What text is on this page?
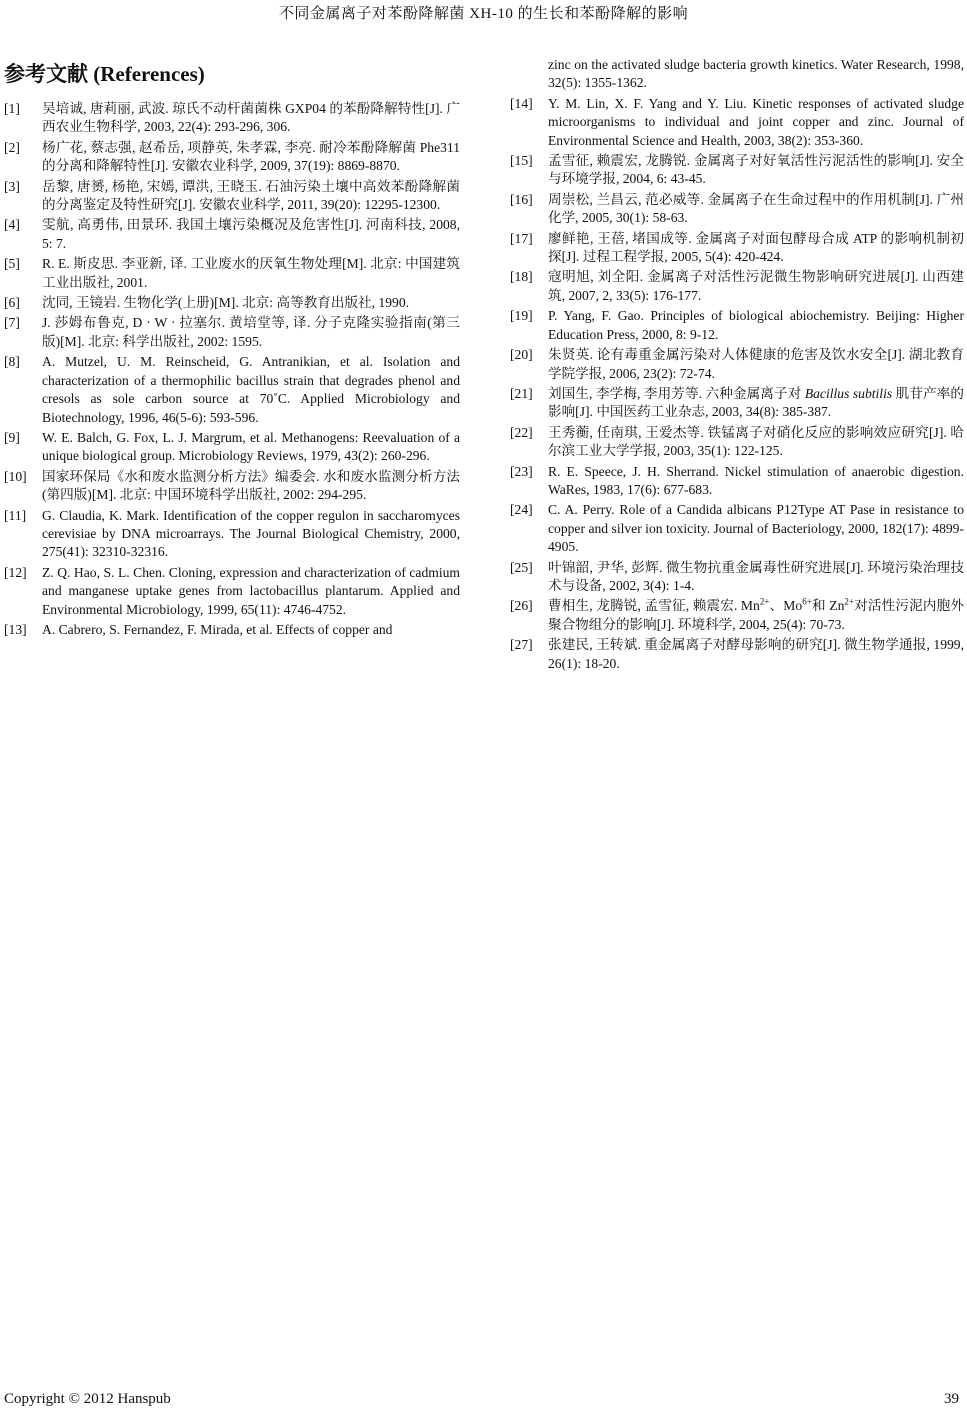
不同金属离子对苯酚降解菌 XH-10 的生长和苯酚降解的影响
参考文献 (References)
[1] 吴培诚, 唐莉丽, 武波. 琼氏不动杆菌菌株 GXP04 的苯酚降解特性[J]. 广西农业生物科学, 2003, 22(4): 293-296, 306.
[2] 杨广花, 蔡志强, 赵希岳, 项静英, 朱孝霖, 李亮. 耐冷苯酚降解菌 Phe311 的分离和降解特性[J]. 安徽农业科学, 2009, 37(19): 8869-8870.
[3] 岳黎, 唐赟, 杨艳, 宋嫣, 谭洪, 王晓玉. 石油污染土壤中高效苯酚降解菌的分离鉴定及特性研究[J]. 安徽农业科学, 2011, 39(20): 12295-12300.
[4] 雯航, 高勇伟, 田景环. 我国土壤污染概况及危害性[J]. 河南科技, 2008, 5: 7.
[5] R. E. 斯皮思. 李亚新, 译. 工业废水的厌氧生物处理[M]. 北京: 中国建筑工业出版社, 2001.
[6] 沈同, 王镜岩. 生物化学(上册)[M]. 北京: 高等教育出版社, 1990.
[7] J. 莎姆布鲁克, D · W · 拉塞尔. 黄培堂等, 译. 分子克隆实验指南(第三版)[M]. 北京: 科学出版社, 2002: 1595.
[8] A. Mutzel, U. M. Reinscheid, G. Antranikian, et al. Isolation and characterization of a thermophilic bacillus strain that degrades phenol and cresols as sole carbon source at 70˚C. Applied Microbiology and Biotechnology, 1996, 46(5-6): 593-596.
[9] W. E. Balch, G. Fox, L. J. Margrum, et al. Methanogens: Reevaluation of a unique biological group. Microbiology Reviews, 1979, 43(2): 260-296.
[10] 国家环保局《水和废水监测分析方法》编委会. 水和废水监测分析方法(第四版)[M]. 北京: 中国环境科学出版社, 2002: 294-295.
[11] G. Claudia, K. Mark. Identification of the copper regulon in saccharomyces cerevisiae by DNA microarrays. The Journal Biological Chemistry, 2000, 275(41): 32310-32316.
[12] Z. Q. Hao, S. L. Chen. Cloning, expression and characterization of cadmium and manganese uptake genes from lactobacillus plantarum. Applied and Environmental Microbiology, 1999, 65(11): 4746-4752.
[13] A. Cabrero, S. Fernandez, F. Mirada, et al. Effects of copper and
zinc on the activated sludge bacteria growth kinetics. Water Research, 1998, 32(5): 1355-1362.
[14] Y. M. Lin, X. F. Yang and Y. Liu. Kinetic responses of activated sludge microorganisms to individual and joint copper and zinc. Journal of Environmental Science and Health, 2003, 38(2): 353-360.
[15] 孟雪征, 赖震宏, 龙腾锐. 金属离子对好氧活性污泥活性的影响[J]. 安全与环境学报, 2004, 6: 43-45.
[16] 周崇松, 兰昌云, 范必威等. 金属离子在生命过程中的作用机制[J]. 广州化学, 2005, 30(1): 58-63.
[17] 廖鲜艳, 王蓓, 堵国成等. 金属离子对面包酵母合成 ATP 的影响机制初探[J]. 过程工程学报, 2005, 5(4): 420-424.
[18] 寇明旭, 刘全阳. 金属离子对活性污泥微生物影响研究进展[J]. 山西建筑, 2007, 2, 33(5): 176-177.
[19] P. Yang, F. Gao. Principles of biological abiochemistry. Beijing: Higher Education Press, 2000, 8: 9-12.
[20] 朱贤英. 论有毒重金属污染对人体健康的危害及饮水安全[J]. 湖北教育学院学报, 2006, 23(2): 72-74.
[21] 刘国生, 李学梅, 李用芳等. 六种金属离子对 Bacillus subtilis 肌苷产率的影响[J]. 中国医药工业杂志, 2003, 34(8): 385-387.
[22] 王秀蘅, 任南琪, 王爱杰等. 铁锰离子对硝化反应的影响效应研究[J]. 哈尔滨工业大学学报, 2003, 35(1): 122-125.
[23] R. E. Speece, J. H. Sherrand. Nickel stimulation of anaerobic digestion. WaRes, 1983, 17(6): 677-683.
[24] C. A. Perry. Role of a Candida albicans P12Type AT Pase in resistance to copper and silver ion toxicity. Journal of Bacteriology, 2000, 182(17): 4899-4905.
[25] 叶锦韶, 尹华, 彭辉. 微生物抗重金属毒性研究进展[J]. 环境污染治理技术与设备, 2002, 3(4): 1-4.
[26] 曹相生, 龙腾锐, 孟雪征, 赖震宏. $Mn^{2+}$、$Mo^{6+}$和 $Zn^{2+}$对活性污泥内胞外聚合物组分的影响[J]. 环境科学, 2004, 25(4): 70-73.
[27] 张建民, 王转斌. 重金属离子对酵母影响的研究[J]. 微生物学通报, 1999, 26(1): 18-20.
Copyright © 2012 Hanspub	39
